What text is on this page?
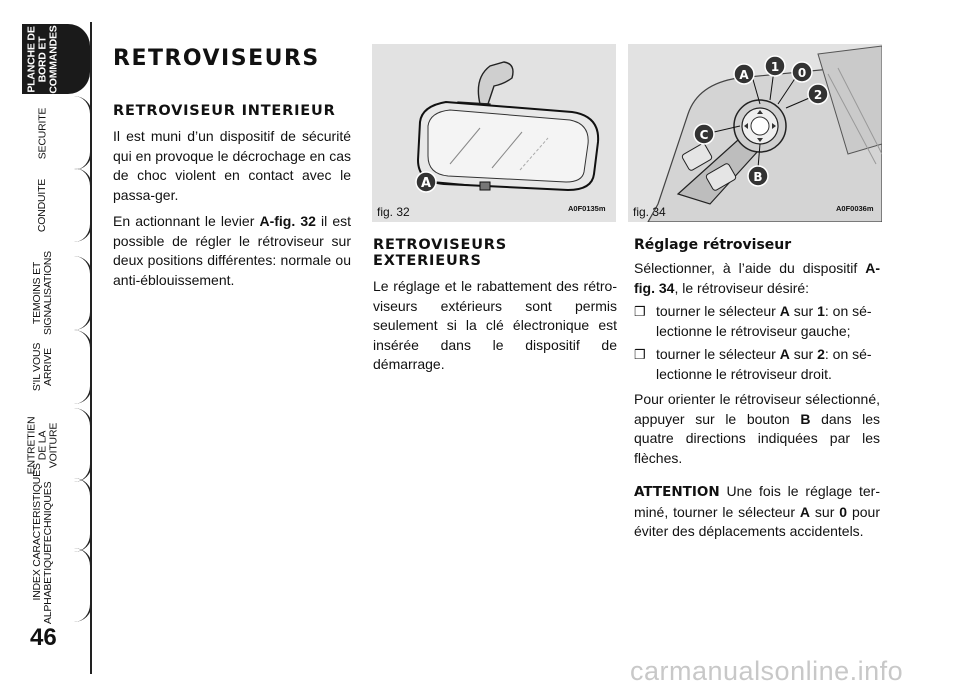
PLANCHE DE
BORD ET
COMMANDES
SECURITE
CONDUITE
TEMOINS ET
SIGNALISATIONS
S'IL VOUS
ARRIVE
ENTRETIEN
DE LA VOITURE
CARACTERISTIQUES
TECHNIQUES
INDEX
ALPHABETIQUE
46
RETROVISEURS
RETROVISEUR INTERIEUR

Il est muni d’un dispositif de sécurité qui en provoque le décrochage en cas de choc violent en contact avec le passa-ger.

En actionnant le levier A-fig. 32 il est possible de régler le rétroviseur sur deux positions différentes: normale ou anti-éblouissement.

A
fig. 32	A0F0135m
A
1 0
2
C
B
fig. 34	A0F0036m
RETROVISEURS EXTERIEURS

Le réglage et le rabattement des rétro-viseurs extérieurs sont permis seulement si la clé électronique est insérée dans le dispositif de démarrage.

Réglage rétroviseur

Sélectionner, à l’aide du dispositif A-fig. 34, le rétroviseur désiré:

❒ tourner le sélecteur A sur 1: on sé-lectionne le rétroviseur gauche;
❒ tourner le sélecteur A sur 2: on sé-lectionne le rétroviseur droit.

Pour orienter le rétroviseur sélectionné, appuyer sur le bouton B dans les quatre directions indiquées par les flèches.

ATTENTION Une fois le réglage ter-miné, tourner le sélecteur A sur 0 pour éviter des déplacements accidentels.

carmanualsonline.info
